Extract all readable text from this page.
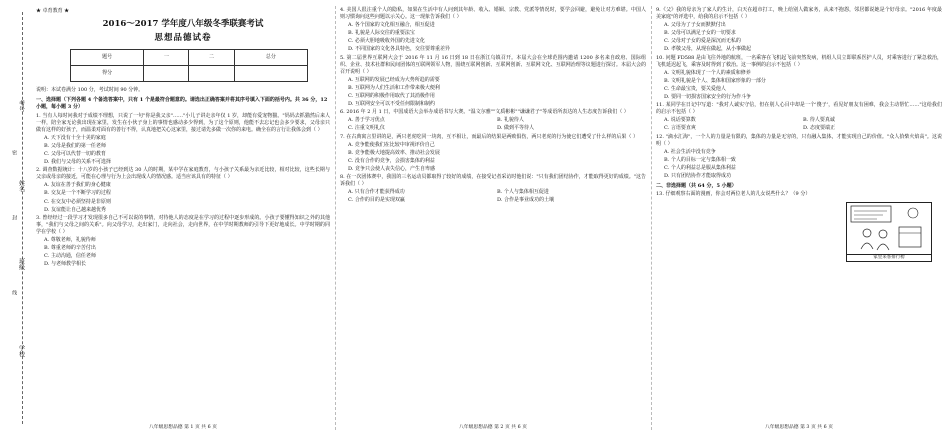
考号
姓名
班级
学校
密
封
线
★ 卓育教育 ★
2016～2017 学年度八年级冬季联赛考试
思想品德试卷
题号	一	二	总分
得分			
说明：本试卷满分 100 分，考试时间 90 分钟。
一、选择题（下列各题 4 个备选答案中，只有 1 个是最符合题意的。请选出正确答案并将其序号填入下面的括号内。共 36 分，12 小题，每小题 3 分）
1. 当有人每时问我对于成绩不理想，只说了一句"你是我父亲"……"小儿子讲走亲年仅 1 岁，却能有爱宠物猫。"妈妈去抓猫然后来人一样，陪全家无论我出现在家里，发生在小伙子身上的事情也感动多少得到，为了这个原则，他能不去忘记也会多少要求，父母亲只做有这样的好孩子，而温柔对面有的善行不得，认真地把关心这家里，接过请先多做一次你的来电。确全在的言行让我体会到（ ）
A. 天下没有十全十美的家庭
B. 父母是我们的第一任老师
C. 父母可以代替一切的教育
D. 我们与父母的关系不可选择
2. 调查数据统计：十八岁的小孩子已经到达 30 人的时期，某中学在家庭教育，与小孩子关系最为亲近比较，相对比较，这些长期与父亲或母亲的接近，可能在心理与行为上会出现成人的情况感。适当应该具有的特征（ ）
A. 友谊在善于我们的身心健康
B. 交友是一个不断学习的过程
C. 在交友中必须坚持是非原则
D. 友谊能让自己越来越优秀
3. 曾经经过一段学习才发现很多自己不可以说的事情，对待他人的态度是在学习的过程中逐步形成的。小孩子要懂得知识之外的其他事，"我们与父母之间的关系"。向父母学习，走出家门，走向社会，走向世界，在中学时期教师的引导下更好地成长。中学时期的同学在学校（ ）
A. 尊敬老师，礼貌待师
B. 尊重老师的辛苦付出
C. 主动沟通，信任老师
D. 与老师教学相长
八年级思想品德 第 1 页 共 6 页
4. 美国人很注重个人的隐私，如果在生活中有人问到其年龄、收入、婚姻、宗教、党派等情况时，要学会回避，避免让对方难堪。中国人则习惯询问这些问题以示关心。这一现象告诉我们（ ）
A. 各个国家的文化相互融合，相互促进
B. 礼貌是人际交往的重要法宝
C. 必须大胆地吸收外国的先进文化
D. 不同国家的文化各具特色，交往要尊重差异
5. 第二届世界互联网大会于 2016 年 11 月 16 日到 18 日在浙江乌镇召开。本届大会在全球范围内邀请 1200 多名来自政府、国际组织、企业、技术社群和民间团体的互联网领军人物，围绕互联网创新、互联网创新、互联网文化、互联网治理等议题进行探讨。本届大会的召开说明（ ）
A. 互联网的发展已经成为大势所趋的需要
B. 互联网为人们生活和工作带来极大便利
C. 互联网的积极作用取代了其消极作用
D. 互联网安全可以不受任何限制和制约
6. 2016 年 2 月 1 日，中国成语大会举办成语书写大赛。"温文尔雅""文质彬彬""谦谦君子"等成语所表达的人生态度告诉我们（ ）
A. 善于学习优点	B. 礼貌待人
C. 注重文明礼仪	D. 做到平等待人
7. 在古典寓言里讲的是，两只老虎吃同一块肉，互不相让，而最后的结果是两败俱伤，两只老虎的行为使它们遭受了什么样的后果（ ）
A. 竞争能使我们在比较中审视评价自己
B. 竞争能极大地提高效率、推动社会发展
C. 没有合作的竞争，会损害集体的利益
D. 竞争只会使人丧失信心，产生自卑感
8. 在一次团体赛中，我国的三名运动员都取得了较好的成绩，在接受记者采访时他们说："只有我们团结协作，才能取得更好的成绩。"这告诉我们（ ）
A. 只有合作才能获得成功	B. 个人与集体相互促进
C. 合作的目的是实现双赢	D. 合作是事业成功的土壤
八年级思想品德 第 2 页 共 6 页
9.《父》我的母亲为了家人的生计，白天在超市打工，晚上给别人做家务，从来不抱怨，邻居都说她是个好母亲。"2016 年度最美家庭"的评选中，给我的启示不包括（ ）
A. 父母为了子女而默默付出
B. 父母可以满足子女的一切要求
C. 父母对子女的爱是深沉而无私的
D. 孝敬父母，从现在做起，从小事做起
10. 问题 FD588 是由飞往外地的航班，一名乘客在飞机起飞前突然发病，机组人员立即联系医护人员，对乘客进行了紧急救治，飞机延迟起飞，乘客及时得到了救治。这一事例的启示不包括（ ）
A. 文明礼貌体现了一个人的素质和修养
B. 文明礼貌是个人、集体和国家形象的一部分
C. 生命最宝贵，要关爱他人
D. 要同一切损害国家安全的行为作斗争
11. 某同学在日记中写道："我对人诚实守信，但在别人心目中却是一个'傻子'，看见好朋友有困难，我会主动帮忙……"这给我们的启示不包括（ ）
A. 说话要算数	B. 待人要真诚
C. 言语要直爽	D. 态度要端正
12. "滴水汇海"，一个人的力量是有限的，集体的力量是无穷的，只有融入集体，才能实现自己的价值。"众人拾柴火焰高"。这说明（ ）
A. 社会生活中没有竞争
B. 个人的目标一定与集体相一致
C. 个人的利益总是服从集体利益
D. 只有团结协作才能取得成功
二、非选择题（共 64 分，5 小题）
13. 仔细观察右面的漫画，你会对两位老人的儿女说些什么？（9 分）
家里来客排行榜
八年级思想品德 第 3 页 共 6 页
